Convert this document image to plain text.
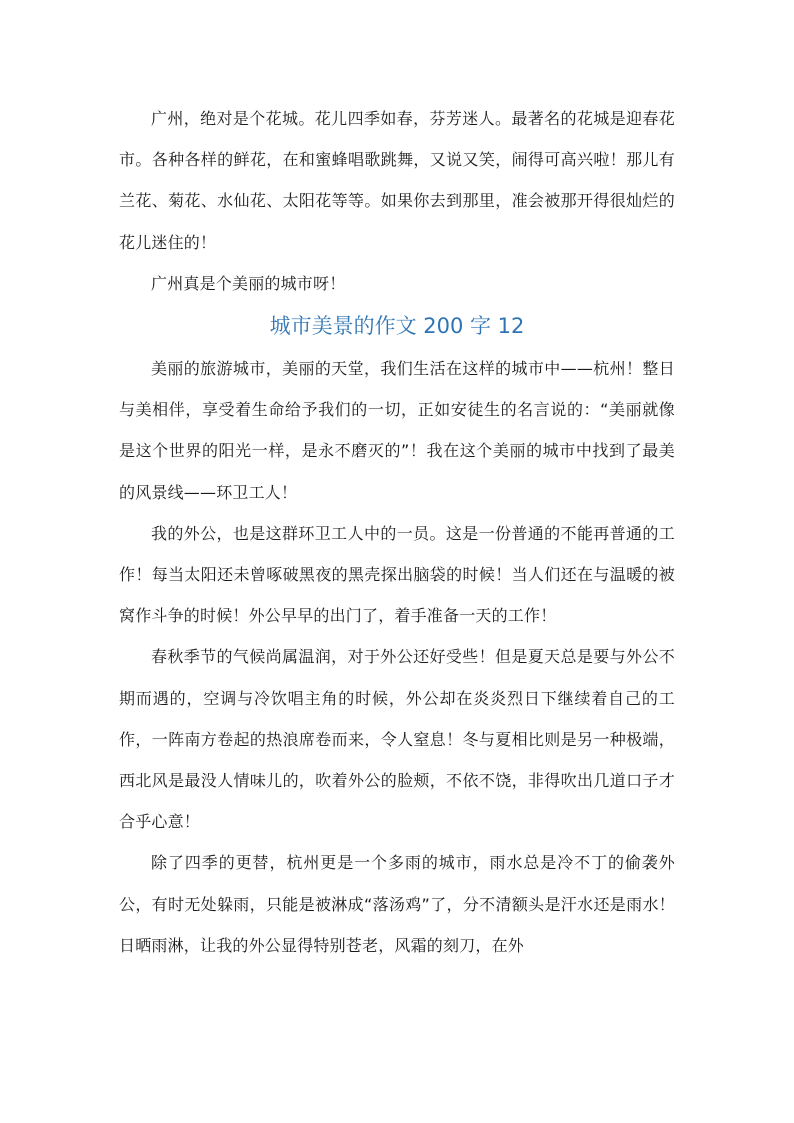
广州，绝对是个花城。花儿四季如春，芬芳迷人。最著名的花城是迎春花市。各种各样的鲜花，在和蜜蜂唱歌跳舞，又说又笑，闹得可高兴啦！那儿有兰花、菊花、水仙花、太阳花等等。如果你去到那里，准会被那开得很灿烂的花儿迷住的！

广州真是个美丽的城市呀！

城市美景的作文 200 字 12

美丽的旅游城市，美丽的天堂，我们生活在这样的城市中——杭州！整日与美相伴，享受着生命给予我们的一切，正如安徒生的名言说的：“美丽就像是这个世界的阳光一样，是永不磨灭的”！我在这个美丽的城市中找到了最美的风景线——环卫工人！

我的外公，也是这群环卫工人中的一员。这是一份普通的不能再普通的工作！每当太阳还未曾啄破黑夜的黑壳探出脑袋的时候！当人们还在与温暖的被窝作斗争的时候！外公早早的出门了，着手准备一天的工作！

春秋季节的气候尚属温润，对于外公还好受些！但是夏天总是要与外公不期而遇的，空调与冷饮唱主角的时候，外公却在炎炎烈日下继续着自己的工作，一阵南方卷起的热浪席卷而来，令人窒息！冬与夏相比则是另一种极端，西北风是最没人情味儿的，吹着外公的脸颊，不依不饶，非得吹出几道口子才合乎心意！

除了四季的更替，杭州更是一个多雨的城市，雨水总是冷不丁的偷袭外公，有时无处躲雨，只能是被淋成“落汤鸡”了，分不清额头是汗水还是雨水！日晒雨淋，让我的外公显得特别苍老，风霜的刻刀，在外
